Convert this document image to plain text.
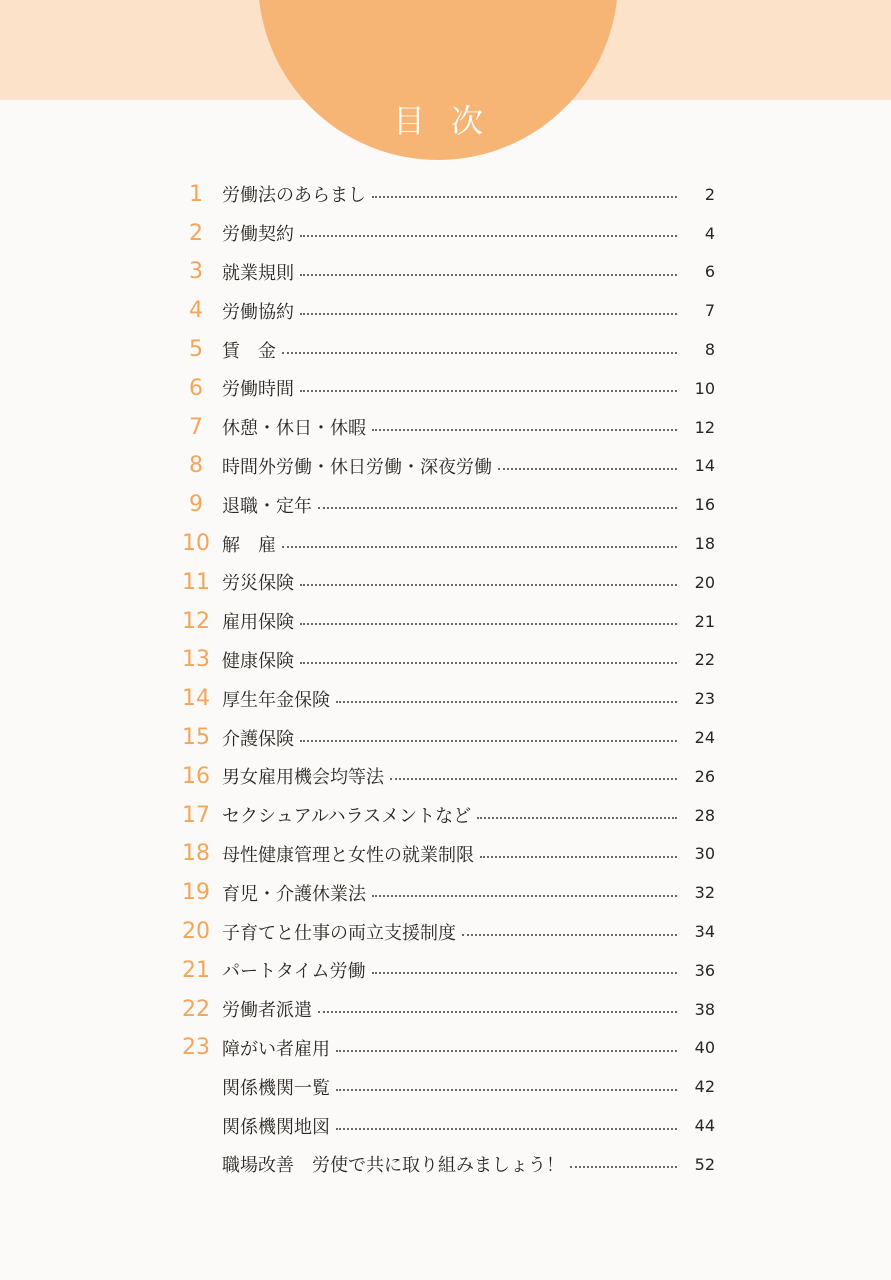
目次
1	労働法のあらまし	2
2	労働契約	4
3	就業規則	6
4	労働協約	7
5	賃　金	8
6	労働時間	10
7	休憩・休日・休暇	12
8	時間外労働・休日労働・深夜労働	14
9	退職・定年	16
10 解　雇	18
11 労災保険	20
12 雇用保険	21
13 健康保険	22
14 厚生年金保険	23
15 介護保険	24
16 男女雇用機会均等法	26
17 セクシュアルハラスメントなど	28
18 母性健康管理と女性の就業制限	30
19 育児・介護休業法	32
20 子育てと仕事の両立支援制度	34
21 パートタイム労働	36
22 労働者派遣	38
23 障がい者雇用	40
関係機関一覧	42
関係機関地図	44
職場改善　労使で共に取り組みましょう！	52
